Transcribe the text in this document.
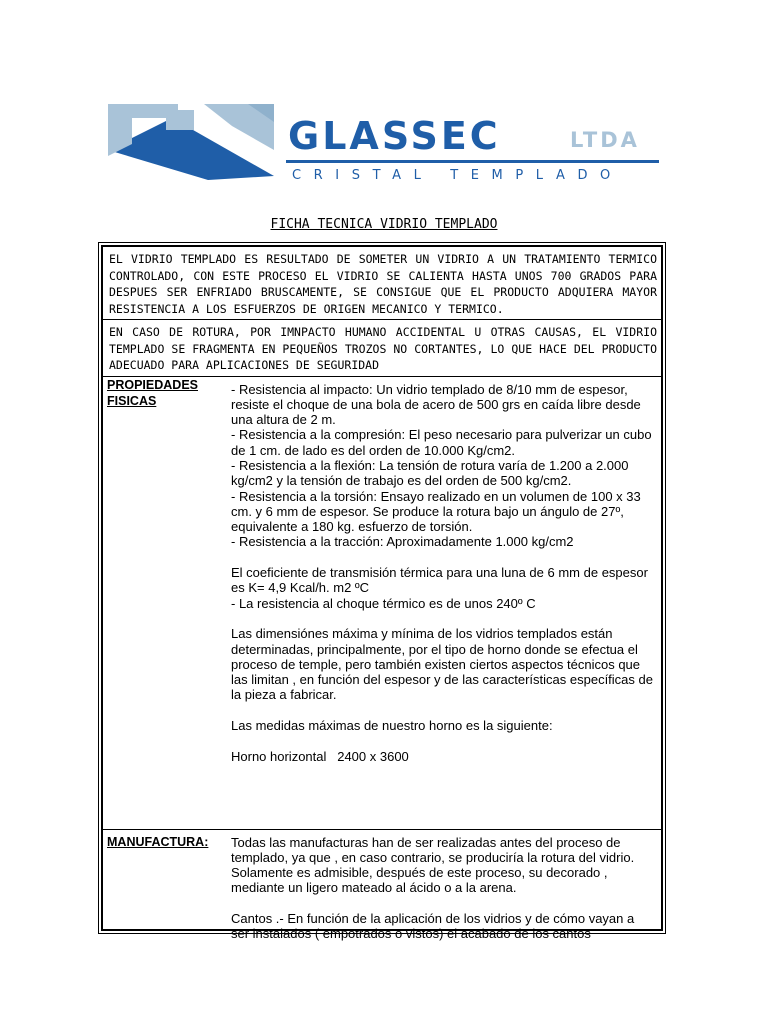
GLASSEC	LTDA
CRISTAL TEMPLADO
FICHA TECNICA VIDRIO TEMPLADO
EL VIDRIO TEMPLADO ES RESULTADO DE SOMETER UN VIDRIO A UN TRATAMIENTO TERMICO CONTROLADO, CON ESTE PROCESO EL VIDRIO SE CALIENTA HASTA UNOS 700 GRADOS PARA DESPUES SER ENFRIADO BRUSCAMENTE, SE CONSIGUE QUE EL PRODUCTO ADQUIERA MAYOR RESISTENCIA A LOS ESFUERZOS DE ORIGEN MECANICO Y TERMICO.
EN CASO DE ROTURA, POR IMNPACTO HUMANO ACCIDENTAL U OTRAS CAUSAS, EL VIDRIO TEMPLADO SE FRAGMENTA EN PEQUEÑOS TROZOS NO CORTANTES, LO QUE HACE DEL PRODUCTO ADECUADO PARA APLICACIONES DE SEGURIDAD
PROPIEDADES FISICAS

- Resistencia al impacto: Un vidrio templado de 8/10 mm de espesor, resiste el choque de una bola de acero de 500 grs en caída libre desde una altura de 2 m.
- Resistencia a la compresión: El peso necesario para pulverizar un cubo de 1 cm. de lado es del orden de 10.000 Kg/cm2.
- Resistencia a la flexión: La tensión de rotura varía de 1.200 a 2.000 kg/cm2 y la tensión de trabajo es del orden de 500 kg/cm2.
- Resistencia a la torsión: Ensayo realizado en un volumen de 100 x 33 cm. y 6 mm de espesor. Se produce la rotura bajo un ángulo de 27º, equivalente a 180 kg. esfuerzo de torsión.
- Resistencia a la tracción: Aproximadamente 1.000 kg/cm2

El coeficiente de transmisión térmica para una luna de 6 mm de espesor es K= 4,9 Kcal/h. m2 ºC
- La resistencia al choque térmico es de unos 240º C

Las dimensiónes máxima y mínima de los vidrios templados están determinadas, principalmente, por el tipo de horno donde se efectua el proceso de temple, pero también existen ciertos aspectos técnicos que las limitan , en función del espesor y de las características específicas de la pieza a fabricar.

Las medidas máximas de nuestro horno es la siguiente:

Horno horizontal   2400 x 3600

MANUFACTURA:	Todas las manufacturas han de ser realizadas antes del proceso de templado, ya que , en caso contrario, se produciría la rotura del vidrio. Solamente es admisible, después de este proceso, su decorado , mediante un ligero mateado al ácido o a la arena.

Cantos .- En función de la aplicación de los vidrios y de cómo vayan a ser instalados ( empotrados o vistos) el acabado de los cantos
